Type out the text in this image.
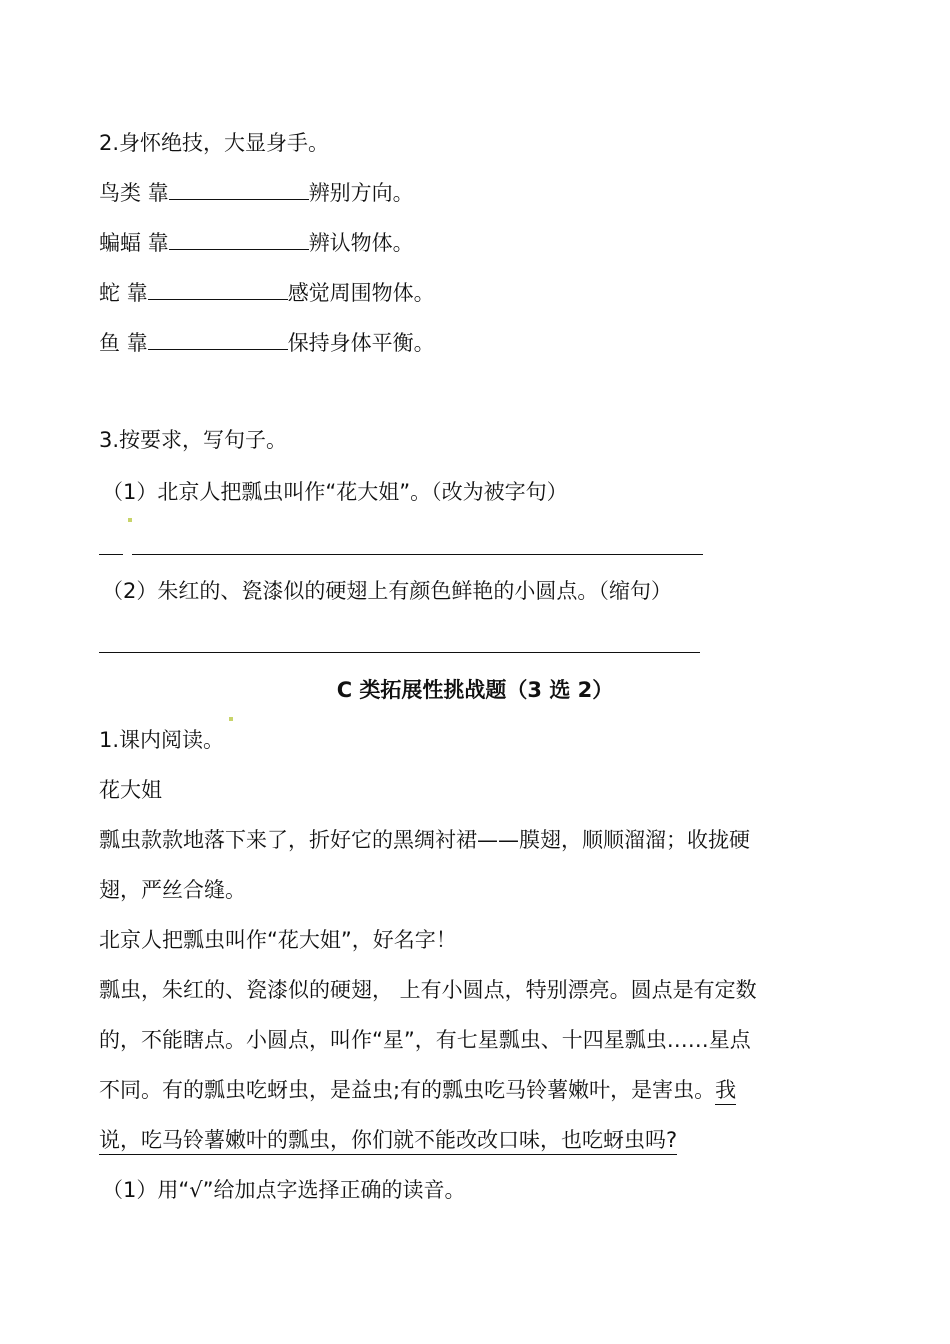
2.身怀绝技，大显身手。
鸟类 靠	辨别方向。
蝙蝠 靠	辨认物体。
蛇 靠	感觉周围物体。
鱼 靠	保持身体平衡。
3.按要求，写句子。
（1）北京人把瓢虫叫作“花大姐”。（改为被字句）
（2）朱红的、瓷漆似的硬翅上有颜色鲜艳的小圆点。（缩句）
C 类拓展性挑战题（3 选 2）
1.课内阅读。
花大姐
瓢虫款款地落下来了，折好它的黑绸衬裙——膜翅，顺顺溜溜；收拢硬
翅，严丝合缝。
北京人把瓢虫叫作“花大姐”，好名字！
瓢虫，朱红的、瓷漆似的硬翅， 上有小圆点，特别漂亮。圆点是有定数
的，不能瞎点。小圆点，叫作“星”，有七星瓢虫、十四星瓢虫……星点
不同。有的瓢虫吃蚜虫，是益虫;有的瓢虫吃马铃薯嫩叶，是害虫。我
说，吃马铃薯嫩叶的瓢虫，你们就不能改改口味，也吃蚜虫吗?
（1）用“√”给加点字选择正确的读音。
